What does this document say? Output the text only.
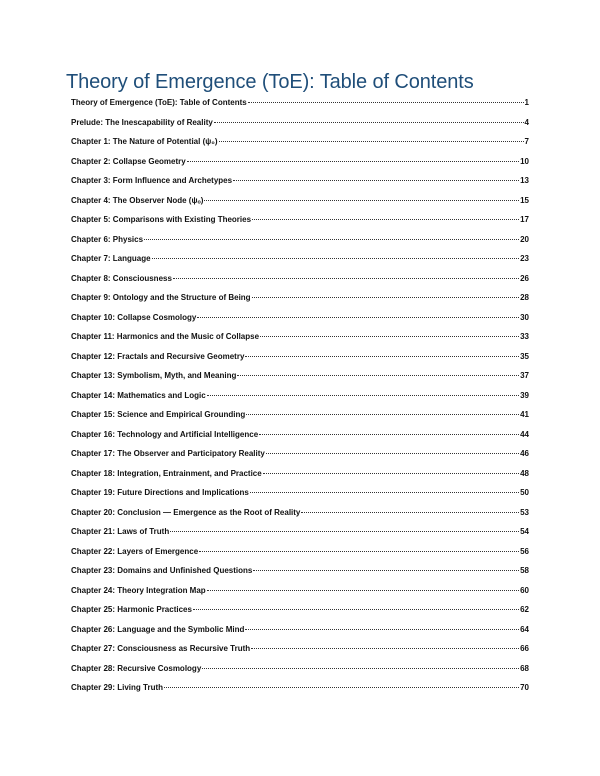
Theory of Emergence (ToE): Table of Contents
Theory of Emergence (ToE): Table of Contents	1
Prelude: The Inescapability of Reality	4
Chapter 1: The Nature of Potential (ψ₀)	7
Chapter 2: Collapse Geometry	10
Chapter 3: Form Influence and Archetypes	13
Chapter 4: The Observer Node (ψₒ)	15
Chapter 5: Comparisons with Existing Theories	17
Chapter 6: Physics	20
Chapter 7: Language	23
Chapter 8: Consciousness	26
Chapter 9: Ontology and the Structure of Being	28
Chapter 10: Collapse Cosmology	30
Chapter 11: Harmonics and the Music of Collapse	33
Chapter 12: Fractals and Recursive Geometry	35
Chapter 13: Symbolism, Myth, and Meaning	37
Chapter 14: Mathematics and Logic	39
Chapter 15: Science and Empirical Grounding	41
Chapter 16: Technology and Artificial Intelligence	44
Chapter 17: The Observer and Participatory Reality	46
Chapter 18: Integration, Entrainment, and Practice	48
Chapter 19: Future Directions and Implications	50
Chapter 20: Conclusion — Emergence as the Root of Reality	53
Chapter 21: Laws of Truth	54
Chapter 22: Layers of Emergence	56
Chapter 23: Domains and Unfinished Questions	58
Chapter 24: Theory Integration Map	60
Chapter 25: Harmonic Practices	62
Chapter 26: Language and the Symbolic Mind	64
Chapter 27: Consciousness as Recursive Truth	66
Chapter 28: Recursive Cosmology	68
Chapter 29: Living Truth	70
